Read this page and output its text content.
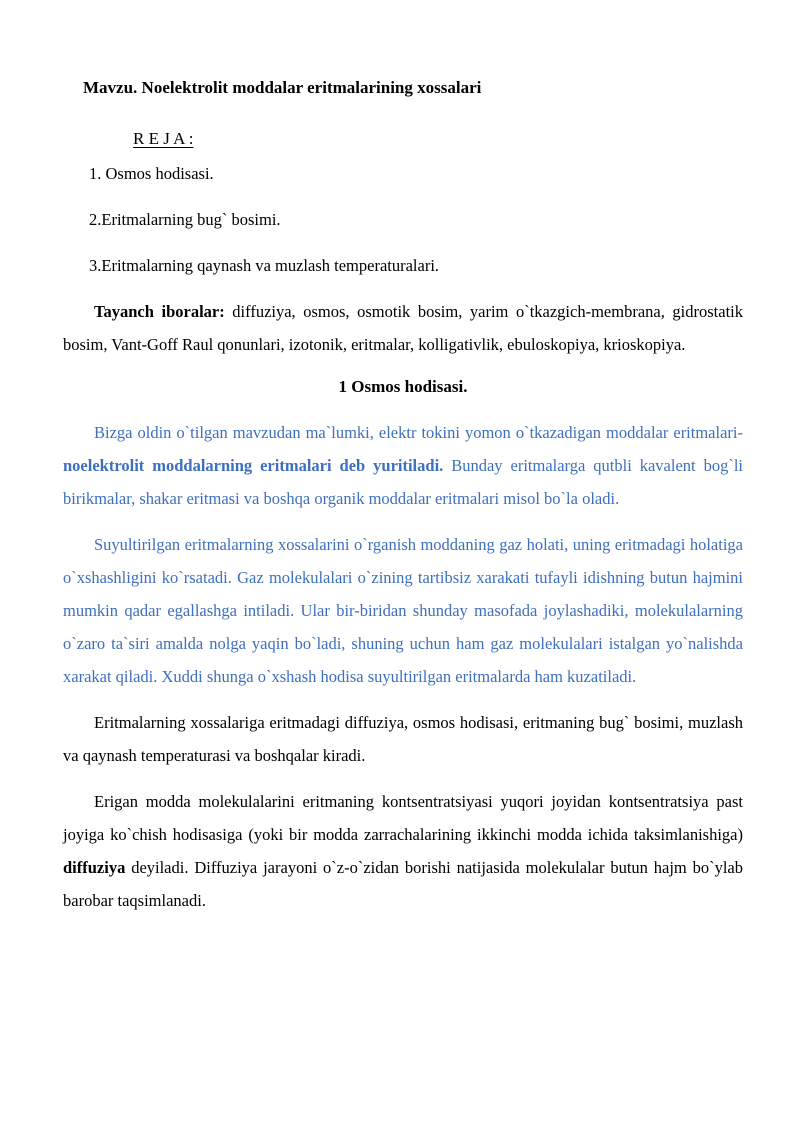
Mavzu. Noelektrolit moddalar eritmalarining xossalari

R E J A :

1. Osmos hodisasi.

2.Eritmalarning bug` bosimi.

3.Eritmalarning qaynash va muzlash temperaturalari.

Tayanch iboralar: diffuziya, osmos, osmotik bosim, yarim o`tkazgich-membrana, gidrostatik bosim, Vant-Goff Raul qonunlari, izotonik, eritmalar, kolligativlik, ebuloskopiya, krioskopiya.

1 Osmos hodisasi.

Bizga oldin o`tilgan mavzudan ma`lumki, elektr tokini yomon o`tkazadigan moddalar eritmalari-noelektrolit moddalarning eritmalari deb yuritiladi. Bunday eritmalarga qutbli kavalent bog`li birikmalar, shakar eritmasi va boshqa organik moddalar eritmalari misol bo`la oladi.

Suyultirilgan eritmalarning xossalarini o`rganish moddaning gaz holati, uning eritmadagi holatiga o`xshashligini ko`rsatadi. Gaz molekulalari o`zining tartibsiz xarakati tufayli idishning butun hajmini mumkin qadar egallashga intiladi. Ular bir-biridan shunday masofada joylashadiki, molekulalarning o`zaro ta`siri amalda nolga yaqin bo`ladi, shuning uchun ham gaz molekulalari istalgan yo`nalishda xarakat qiladi. Xuddi shunga o`xshash hodisa suyultirilgan eritmalarda ham kuzatiladi.

Eritmalarning xossalariga eritmadagi diffuziya, osmos hodisasi, eritmaning bug` bosimi, muzlash va qaynash temperaturasi va boshqalar kiradi.

Erigan modda molekulalarini eritmaning kontsentratsiyasi yuqori joyidan kontsentratsiya past joyiga ko`chish hodisasiga (yoki bir modda zarrachalarining ikkinchi modda ichida taksimlanishiga) diffuziya deyiladi. Diffuziya jarayoni o`z-o`zidan borishi natijasida molekulalar butun hajm bo`ylab barobar taqsimlanadi.
